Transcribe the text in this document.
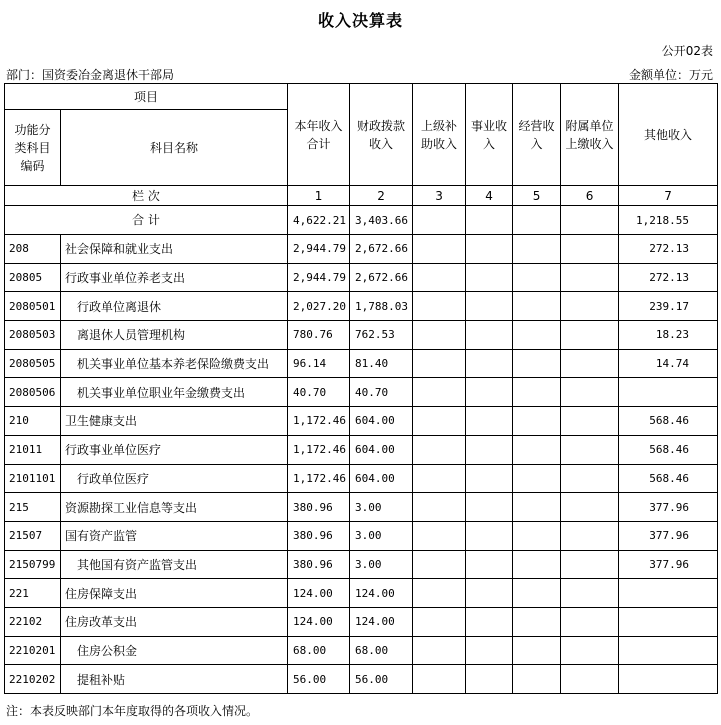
收入决算表
公开02表
部门：国资委冶金离退休干部局	金额单位：万元
项目		本年收入合计	财政拨款收入	上级补助收入	事业收入	经营收入	附属单位上缴收入	其他收入
功能分类科目编码	科目名称							
栏 次		1	2	3	4	5	6	7
合 计		4,622.21	3,403.66					1,218.55
208	社会保障和就业支出	2,944.79	2,672.66					272.13
20805	行政事业单位养老支出	2,944.79	2,672.66					272.13
2080501	行政单位离退休	2,027.20	1,788.03					239.17
2080503	离退休人员管理机构	780.76	762.53					18.23
2080505	机关事业单位基本养老保险缴费支出	96.14	81.40					14.74
2080506	机关事业单位职业年金缴费支出	40.70	40.70					
210	卫生健康支出	1,172.46	604.00					568.46
21011	行政事业单位医疗	1,172.46	604.00					568.46
2101101	行政单位医疗	1,172.46	604.00					568.46
215	资源勘探工业信息等支出	380.96	3.00					377.96
21507	国有资产监管	380.96	3.00					377.96
2150799	其他国有资产监管支出	380.96	3.00					377.96
221	住房保障支出	124.00	124.00					
22102	住房改革支出	124.00	124.00					
2210201	住房公积金	68.00	68.00					
2210202	提租补贴	56.00	56.00					
注：本表反映部门本年度取得的各项收入情况。
